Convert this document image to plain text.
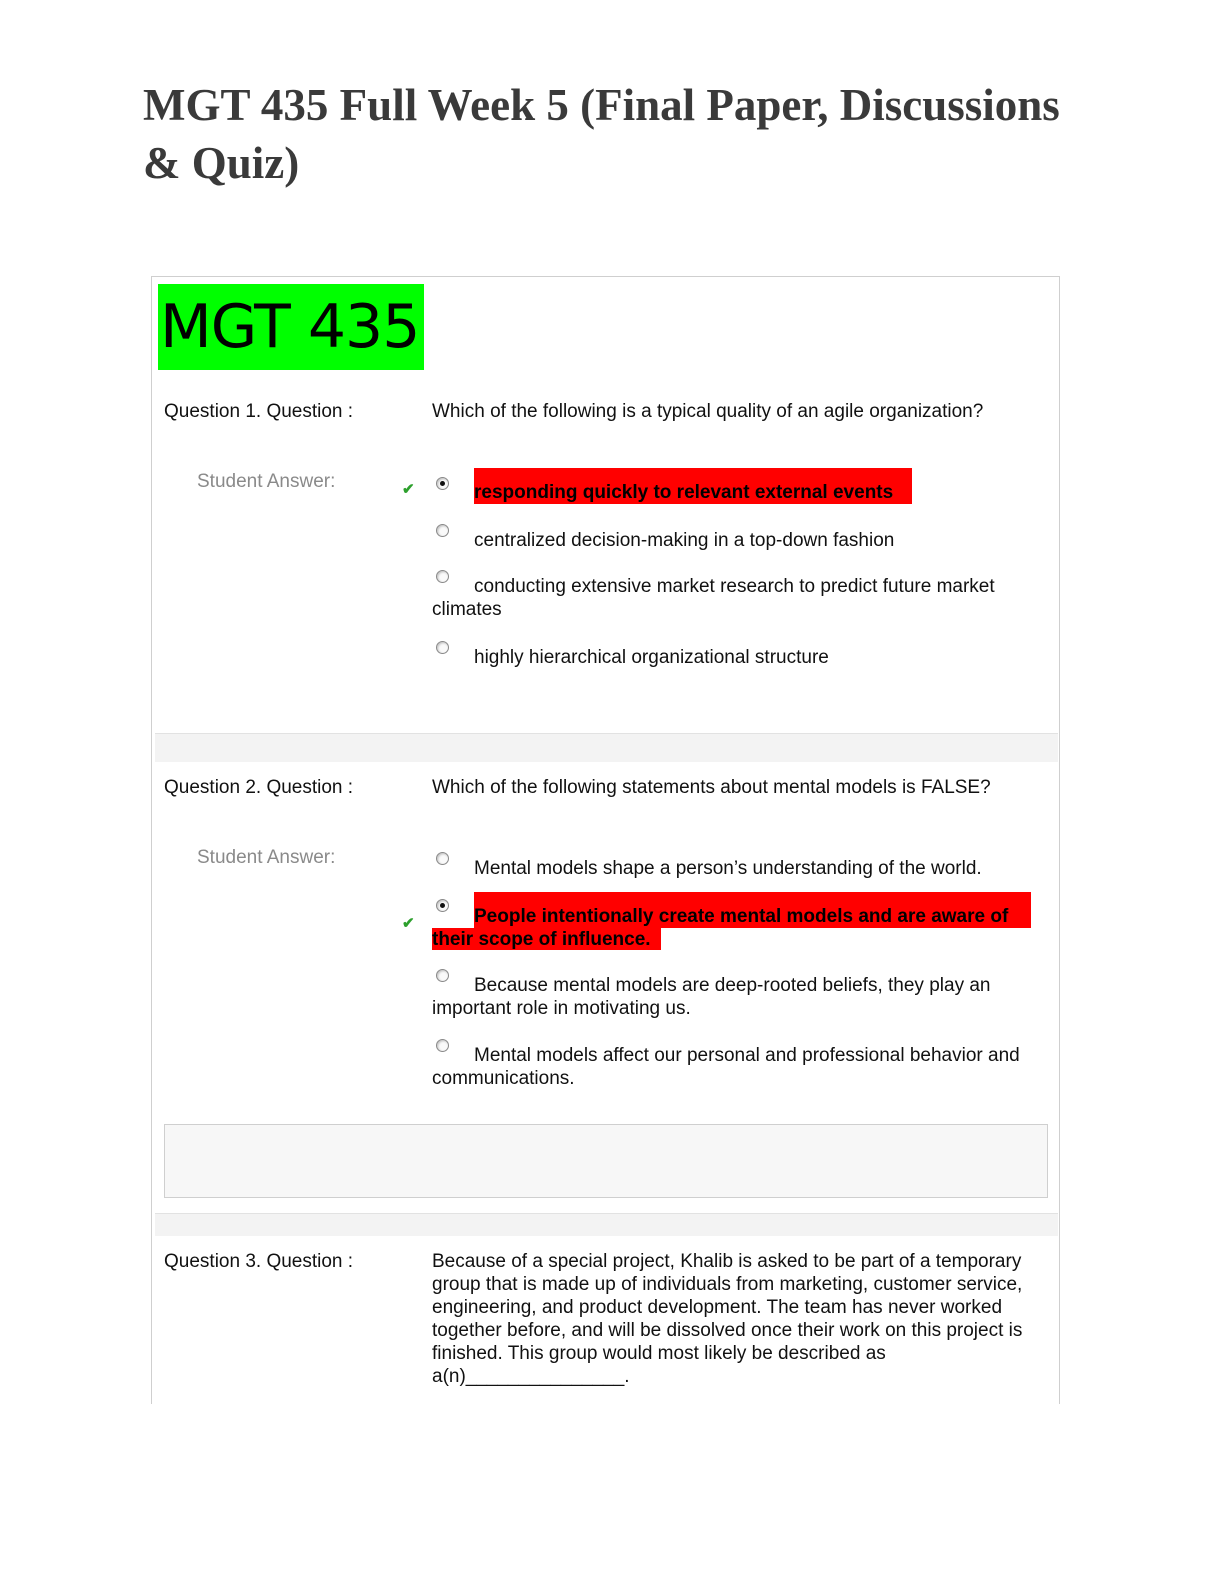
MGT 435 Full Week 5 (Final Paper, Discussions & Quiz)
MGT 435
Question 1. Question :	Which of the following is a typical quality of an agile organization?
Student Answer:	✔	responding quickly to relevant external events
centralized decision-making in a top-down fashion
conducting extensive market research to predict future market climates
highly hierarchical organizational structure
Question 2. Question :	Which of the following statements about mental models is FALSE?
Student Answer:
Mental models shape a person’s understanding of the world.
✔	People intentionally create mental models and are aware of their scope of influence.
Because mental models are deep-rooted beliefs, they play an important role in motivating us.
Mental models affect our personal and professional behavior and communications.
Question 3. Question :	Because of a special project, Khalib is asked to be part of a temporary group that is made up of individuals from marketing, customer service, engineering, and product development. The team has never worked together before, and will be dissolved once their work on this project is finished. This group would most likely be described as a(n)_______________.
